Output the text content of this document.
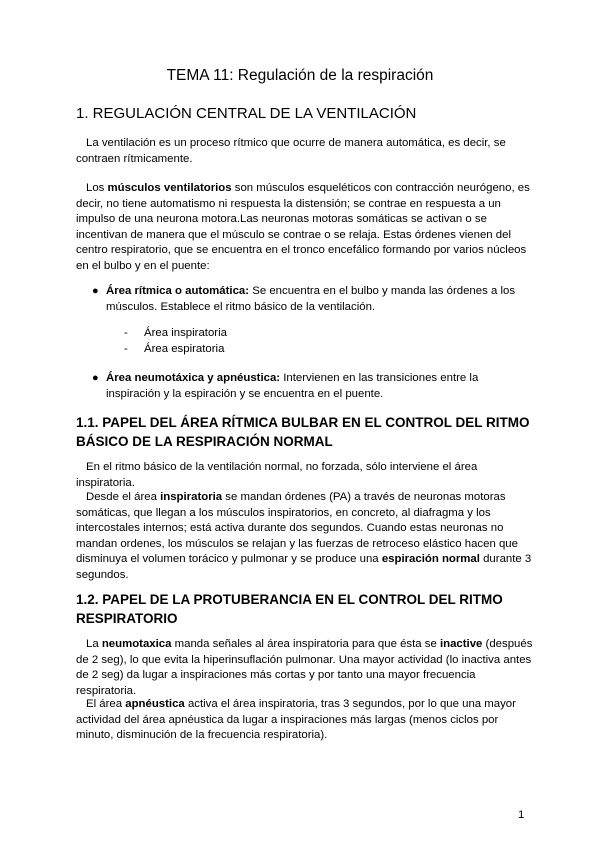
TEMA 11: Regulación de la respiración
1. REGULACIÓN CENTRAL DE LA VENTILACIÓN

La ventilación es un proceso rítmico que ocurre de manera automática, es decir, se contraen rítmicamente.

Los músculos ventilatorios son músculos esqueléticos con contracción neurógeno, es decir, no tiene automatismo ni respuesta la distensión; se contrae en respuesta a un impulso de una neurona motora.Las neuronas motoras somáticas se activan o se incentivan de manera que el músculo se contrae o se relaja. Estas órdenes vienen del centro respiratorio, que se encuentra en el tronco encefálico formando por varios núcleos en el bulbo y en el puente:

● Área rítmica o automática: Se encuentra en el bulbo y manda las órdenes a los músculos. Establece el ritmo básico de la ventilación.
- Área inspiratoria
- Área espiratoria
● Área neumotáxica y apnéustica: Intervienen en las transiciones entre la inspiración y la espiración y se encuentra en el puente.
1.1. PAPEL DEL ÁREA RÍTMICA BULBAR EN EL CONTROL DEL RITMO BÁSICO DE LA RESPIRACIÓN NORMAL

En el ritmo básico de la ventilación normal, no forzada, sólo interviene el área inspiratoria.

Desde el área inspiratoria se mandan órdenes (PA) a través de neuronas motoras somáticas, que llegan a los músculos inspiratorios, en concreto, al diafragma y los intercostales internos; está activa durante dos segundos. Cuando estas neuronas no mandan ordenes, los músculos se relajan y las fuerzas de retroceso elástico hacen que disminuya el volumen torácico y pulmonar y se produce una espiración normal durante 3 segundos.

1.2. PAPEL DE LA PROTUBERANCIA EN EL CONTROL DEL RITMO RESPIRATORIO

La neumotaxica manda señales al área inspiratoria para que ésta se inactive (después de 2 seg), lo que evita la hiperinsuflación pulmonar. Una mayor actividad (lo inactiva antes de 2 seg) da lugar a inspiraciones más cortas y por tanto una mayor frecuencia respiratoria.

El área apnéustica activa el área inspiratoria, tras 3 segundos, por lo que una mayor actividad del área apnéustica da lugar a inspiraciones más largas (menos ciclos por minuto, disminución de la frecuencia respiratoria).

1
